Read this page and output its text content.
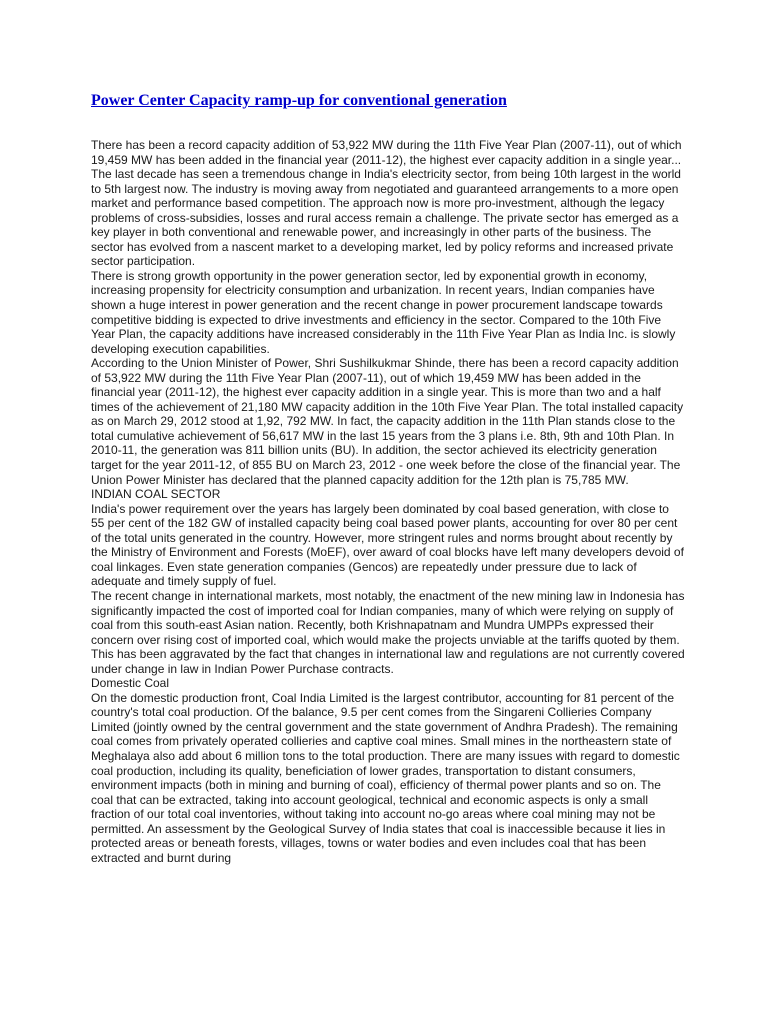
Power Center Capacity ramp-up for conventional generation

There has been a record capacity addition of 53,922 MW during the 11th Five Year Plan (2007-11), out of which 19,459 MW has been added in the financial year (2011-12), the highest ever capacity addition in a single year...

The last decade has seen a tremendous change in India's electricity sector, from being 10th largest in the world to 5th largest now. The industry is moving away from negotiated and guaranteed arrangements to a more open market and performance based competition. The approach now is more pro-investment, although the legacy problems of cross-subsidies, losses and rural access remain a challenge. The private sector has emerged as a key player in both conventional and renewable power, and increasingly in other parts of the business. The sector has evolved from a nascent market to a developing market, led by policy reforms and increased private sector participation.

There is strong growth opportunity in the power generation sector, led by exponential growth in economy, increasing propensity for electricity consumption and urbanization. In recent years, Indian companies have shown a huge interest in power generation and the recent change in power procurement landscape towards competitive bidding is expected to drive investments and efficiency in the sector. Compared to the 10th Five Year Plan, the capacity additions have increased considerably in the 11th Five Year Plan as India Inc. is slowly developing execution capabilities.

According to the Union Minister of Power, Shri Sushilkukmar Shinde, there has been a record capacity addition of 53,922 MW during the 11th Five Year Plan (2007-11), out of which 19,459 MW has been added in the financial year (2011-12), the highest ever capacity addition in a single year. This is more than two and a half times of the achievement of 21,180 MW capacity addition in the 10th Five Year Plan. The total installed capacity as on March 29, 2012 stood at 1,92, 792 MW. In fact, the capacity addition in the 11th Plan stands close to the total cumulative achievement of 56,617 MW in the last 15 years from the 3 plans i.e. 8th, 9th and 10th Plan. In 2010-11, the generation was 811 billion units (BU). In addition, the sector achieved its electricity generation target for the year 2011-12, of 855 BU on March 23, 2012 - one week before the close of the financial year. The Union Power Minister has declared that the planned capacity addition for the 12th plan is 75,785 MW.

INDIAN COAL SECTOR

India's power requirement over the years has largely been dominated by coal based generation, with close to 55 per cent of the 182 GW of installed capacity being coal based power plants, accounting for over 80 per cent of the total units generated in the country. However, more stringent rules and norms brought about recently by the Ministry of Environment and Forests (MoEF), over award of coal blocks have left many developers devoid of coal linkages. Even state generation companies (Gencos) are repeatedly under pressure due to lack of adequate and timely supply of fuel.

The recent change in international markets, most notably, the enactment of the new mining law in Indonesia has significantly impacted the cost of imported coal for Indian companies, many of which were relying on supply of coal from this south-east Asian nation. Recently, both Krishnapatnam and Mundra UMPPs expressed their concern over rising cost of imported coal, which would make the projects unviable at the tariffs quoted by them. This has been aggravated by the fact that changes in international law and regulations are not currently covered under change in law in Indian Power Purchase contracts.

Domestic Coal

On the domestic production front, Coal India Limited is the largest contributor, accounting for 81 percent of the country's total coal production. Of the balance, 9.5 per cent comes from the Singareni Collieries Company Limited (jointly owned by the central government and the state government of Andhra Pradesh). The remaining coal comes from privately operated collieries and captive coal mines. Small mines in the northeastern state of Meghalaya also add about 6 million tons to the total production. There are many issues with regard to domestic coal production, including its quality, beneficiation of lower grades, transportation to distant consumers, environment impacts (both in mining and burning of coal), efficiency of thermal power plants and so on. The coal that can be extracted, taking into account geological, technical and economic aspects is only a small fraction of our total coal inventories, without taking into account no-go areas where coal mining may not be permitted. An assessment by the Geological Survey of India states that coal is inaccessible because it lies in protected areas or beneath forests, villages, towns or water bodies and even includes coal that has been extracted and burnt during
